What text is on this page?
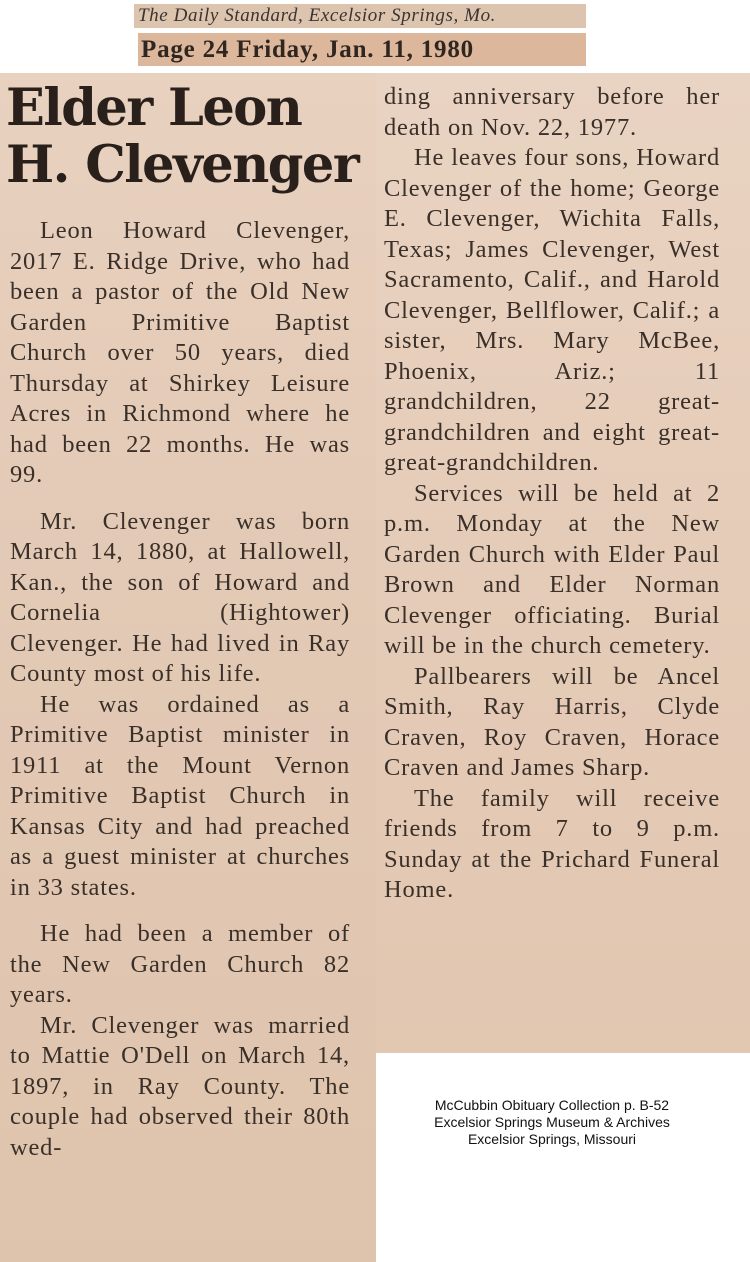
The Daily Standard, Excelsior Springs, Mo.
Page 24 Friday, Jan. 11, 1980
Elder Leon H. Clevenger

Leon Howard Clevenger, 2017 E. Ridge Drive, who had been a pastor of the Old New Garden Primitive Baptist Church over 50 years, died Thursday at Shirkey Leisure Acres in Richmond where he had been 22 months. He was 99.

Mr. Clevenger was born March 14, 1880, at Hallowell, Kan., the son of Howard and Cornelia (Hightower) Clevenger. He had lived in Ray County most of his life.

He was ordained as a Primitive Baptist minister in 1911 at the Mount Vernon Primitive Baptist Church in Kansas City and had preached as a guest minister at churches in 33 states.

He had been a member of the New Garden Church 82 years.

Mr. Clevenger was married to Mattie O'Dell on March 14, 1897, in Ray County. The couple had observed their 80th wed-

ding anniversary before her death on Nov. 22, 1977.

He leaves four sons, Howard Clevenger of the home; George E. Clevenger, Wichita Falls, Texas; James Clevenger, West Sacramento, Calif., and Harold Clevenger, Bellflower, Calif.; a sister, Mrs. Mary McBee, Phoenix, Ariz.; 11 grandchildren, 22 great-grandchildren and eight great-great-grandchildren.

Services will be held at 2 p.m. Monday at the New Garden Church with Elder Paul Brown and Elder Norman Clevenger officiating. Burial will be in the church cemetery.

Pallbearers will be Ancel Smith, Ray Harris, Clyde Craven, Roy Craven, Horace Craven and James Sharp.

The family will receive friends from 7 to 9 p.m. Sunday at the Prichard Funeral Home.

McCubbin Obituary Collection p. B-52
Excelsior Springs Museum & Archives
Excelsior Springs, Missouri
